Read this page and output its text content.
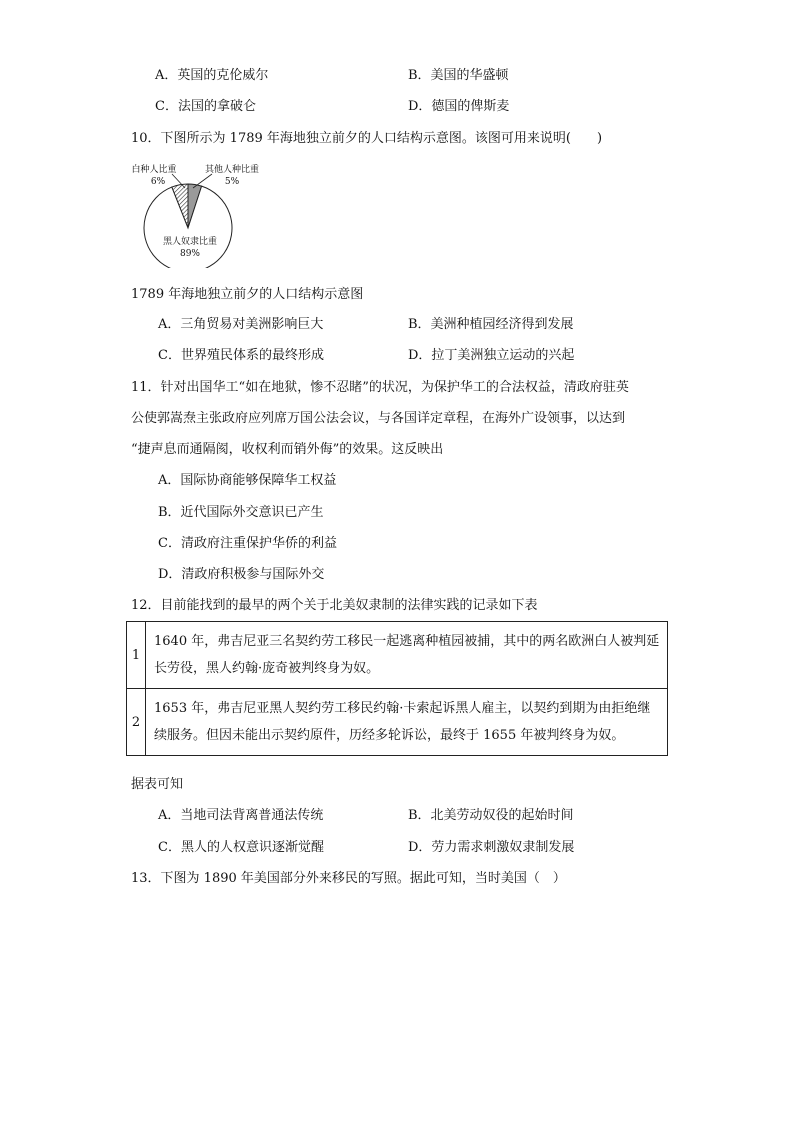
A．英国的克伦威尔	B．美国的华盛顿
C．法国的拿破仑	D．德国的俾斯麦
10．下图所示为 1789 年海地独立前夕的人口结构示意图。该图可用来说明(　　)
白种人比重
6%
其他人种比重
5%
黑人奴隶比重
89%
1789 年海地独立前夕的人口结构示意图
A．三角贸易对美洲影响巨大	B．美洲种植园经济得到发展
C．世界殖民体系的最终形成	D．拉丁美洲独立运动的兴起
11．针对出国华工“如在地狱，惨不忍睹”的状况，为保护华工的合法权益，清政府驻英
公使郭嵩焘主张政府应列席万国公法会议，与各国详定章程，在海外广设领事，以达到
“捷声息而通隔阂，收权利而销外侮”的效果。这反映出
A．国际协商能够保障华工权益
B．近代国际外交意识已产生
C．清政府注重保护华侨的利益
D．清政府积极参与国际外交
12．目前能找到的最早的两个关于北美奴隶制的法律实践的记录如下表
1	1640 年，弗吉尼亚三名契约劳工移民一起逃离种植园被捕，其中的两名欧洲白人被判延长劳役，黑人约翰·庞奇被判终身为奴。
2	1653 年，弗吉尼亚黑人契约劳工移民约翰·卡索起诉黑人雇主，以契约到期为由拒绝继续服务。但因未能出示契约原件，历经多轮诉讼，最终于 1655 年被判终身为奴。
据表可知
A．当地司法背离普通法传统	B．北美劳动奴役的起始时间
C．黑人的人权意识逐渐觉醒	D．劳力需求刺激奴隶制发展
13．下图为 1890 年美国部分外来移民的写照。据此可知，当时美国（　）
